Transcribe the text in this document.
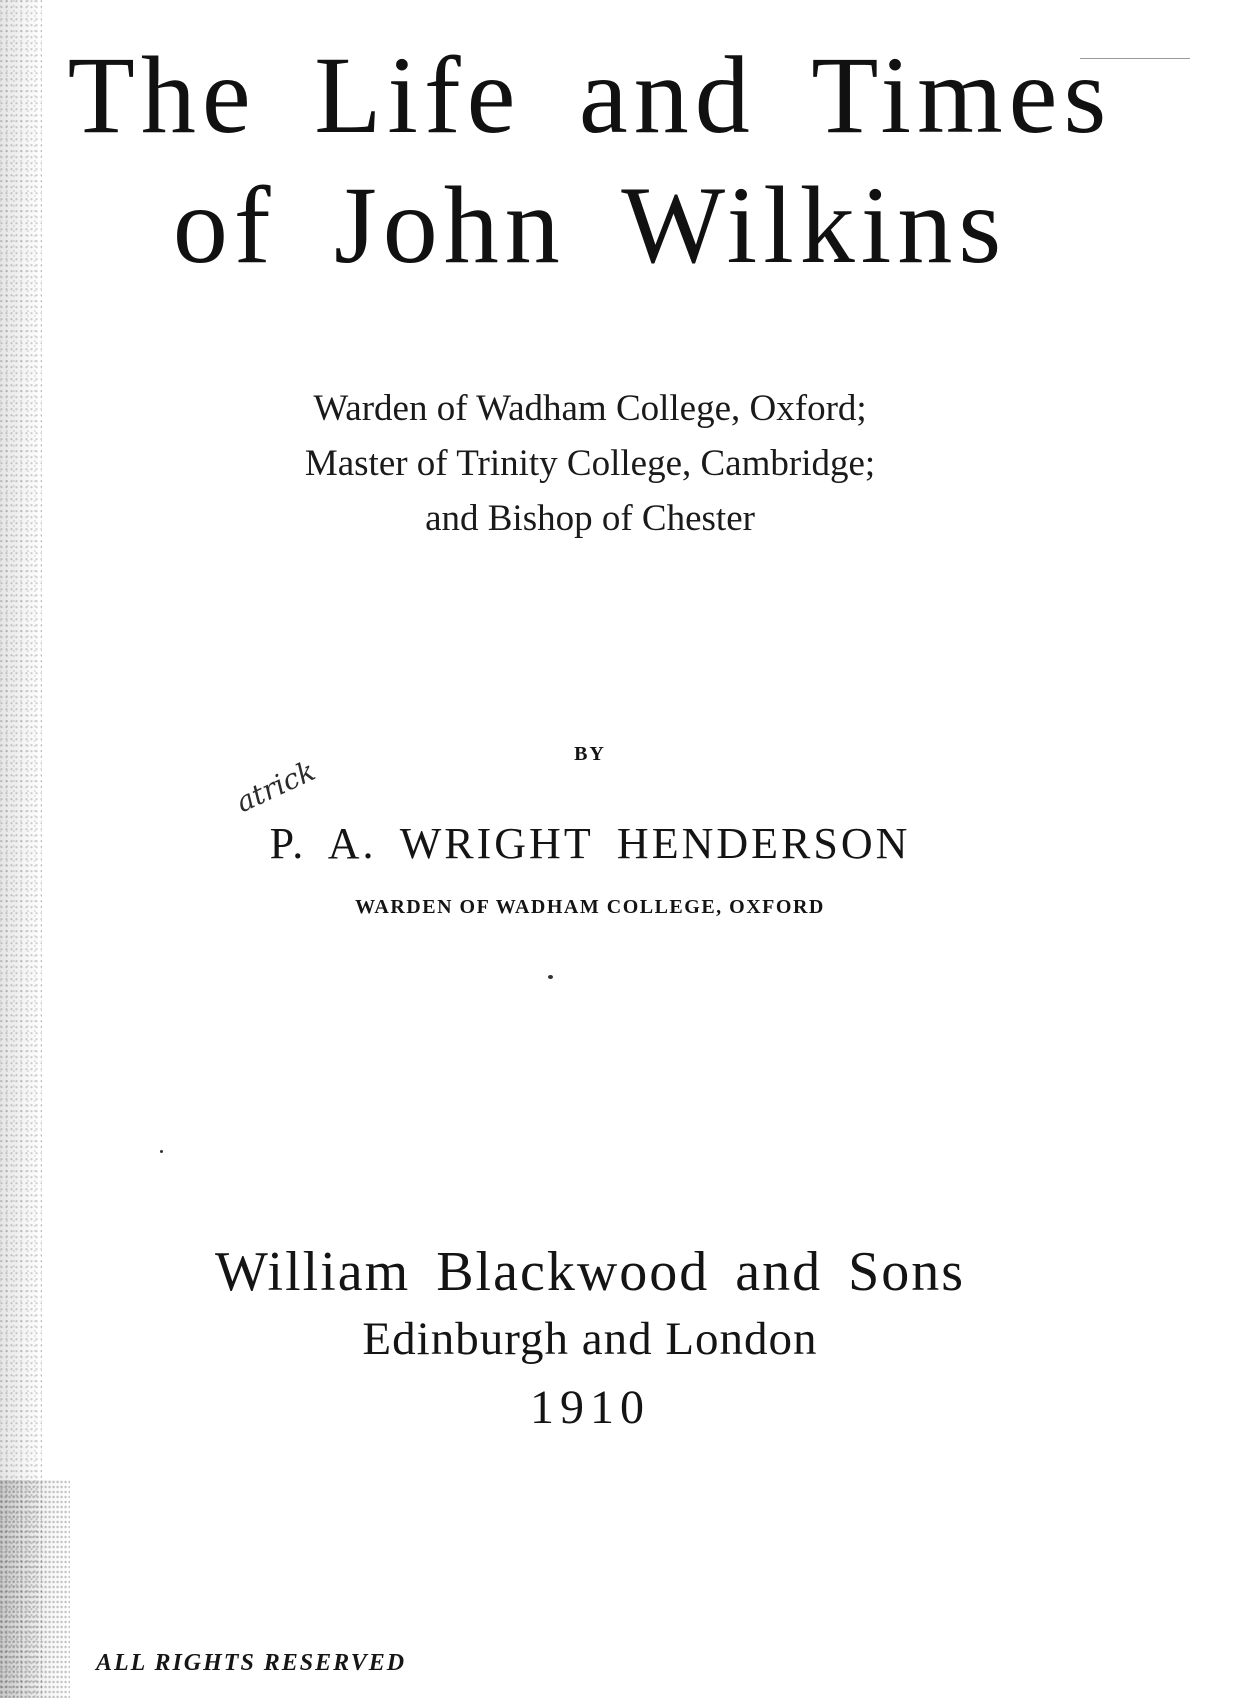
The Life and Times
of John Wilkins
Warden of Wadham College, Oxford;
Master of Trinity College, Cambridge;
and Bishop of Chester
BY
P. A. WRIGHT HENDERSON
atrick
WARDEN OF WADHAM COLLEGE, OXFORD
William Blackwood and Sons
Edinburgh and London
1910
ALL RIGHTS RESERVED
